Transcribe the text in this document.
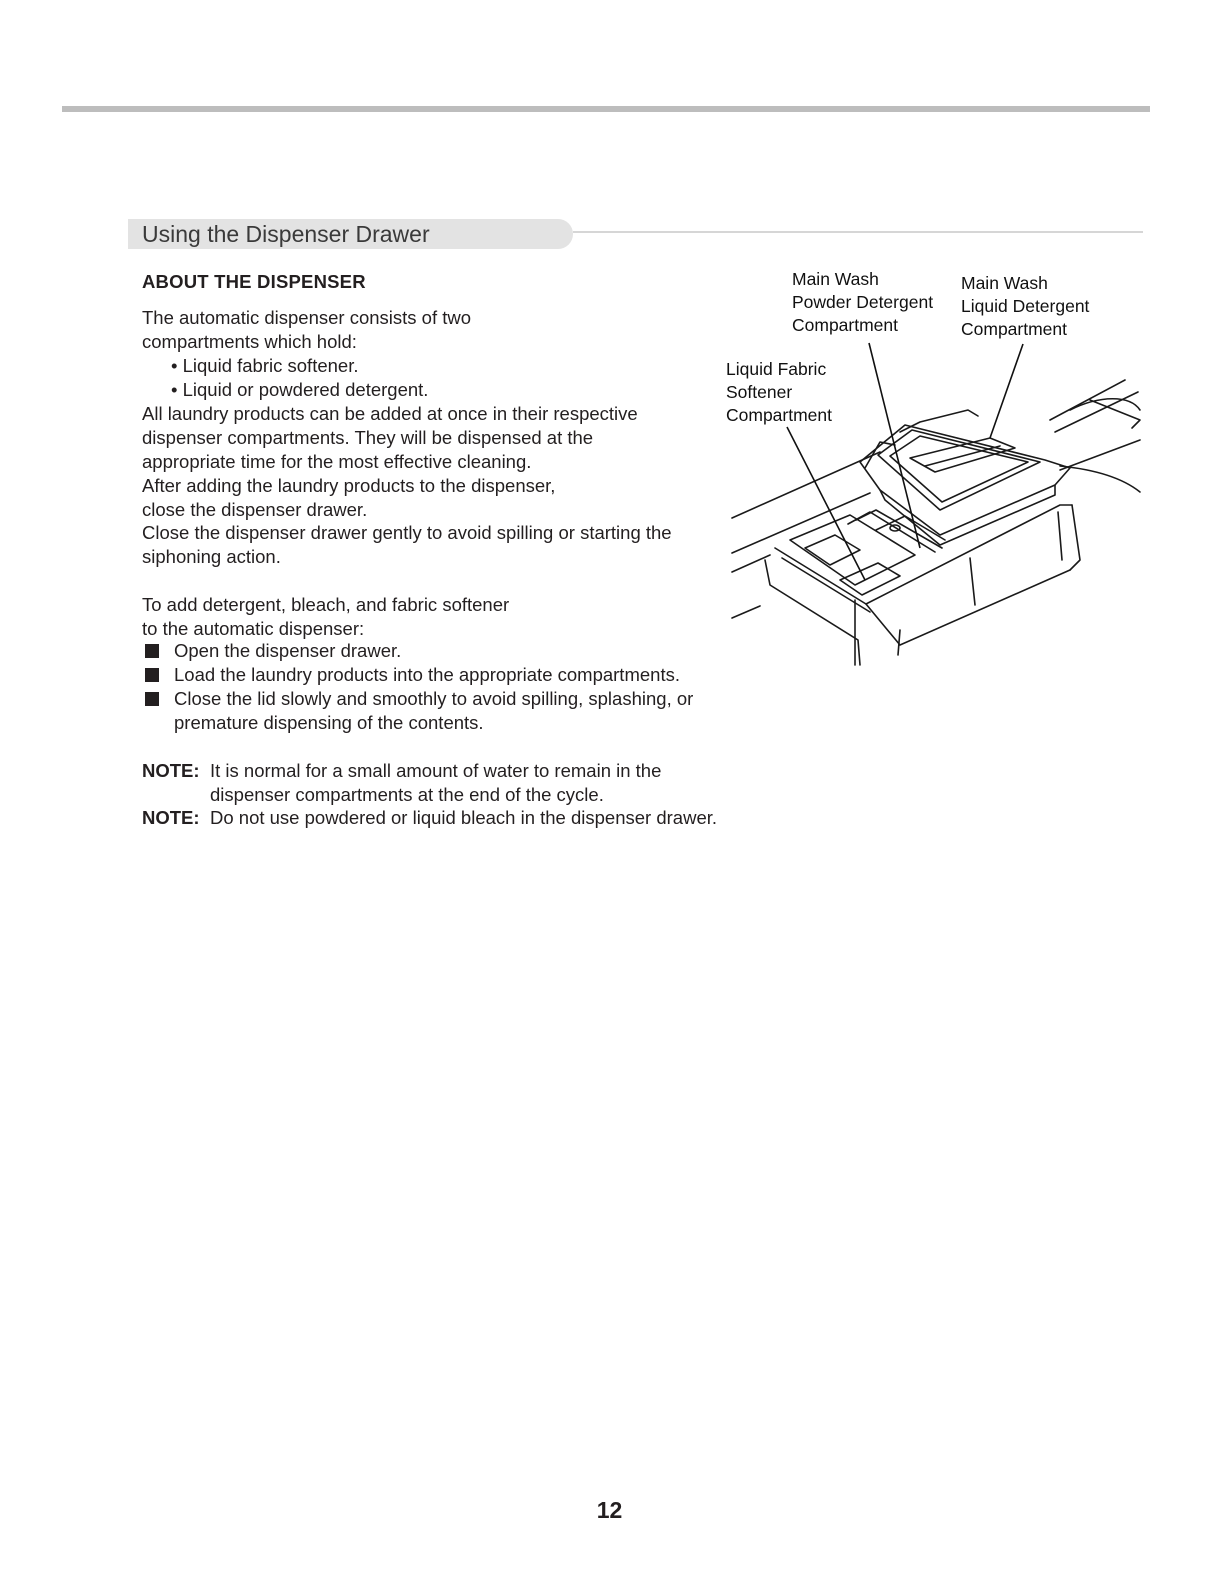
Using the Dispenser Drawer
ABOUT THE DISPENSER
The automatic dispenser consists of two
compartments which hold:
• Liquid fabric softener.
• Liquid or powdered detergent.
All laundry products can be added at once in their respective
dispenser compartments. They will be dispensed at the
appropriate time for the most effective cleaning.
After adding the laundry products to the dispenser,
close the dispenser drawer.
Close the dispenser drawer gently to avoid spilling or starting the
siphoning action.
To add detergent, bleach, and fabric softener
to the automatic dispenser:
Open the dispenser drawer.
Load the laundry products into the appropriate compartments.
Close the lid slowly and smoothly to avoid spilling, splashing, or
premature dispensing of the contents.
NOTE: It is normal for a small amount of water to remain in the
dispenser compartments at the end of the cycle.
NOTE: Do not use powdered or liquid bleach in the dispenser drawer.
Main Wash
Powder Detergent
Compartment
Main Wash
Liquid Detergent
Compartment
Liquid Fabric
Softener
Compartment
12
